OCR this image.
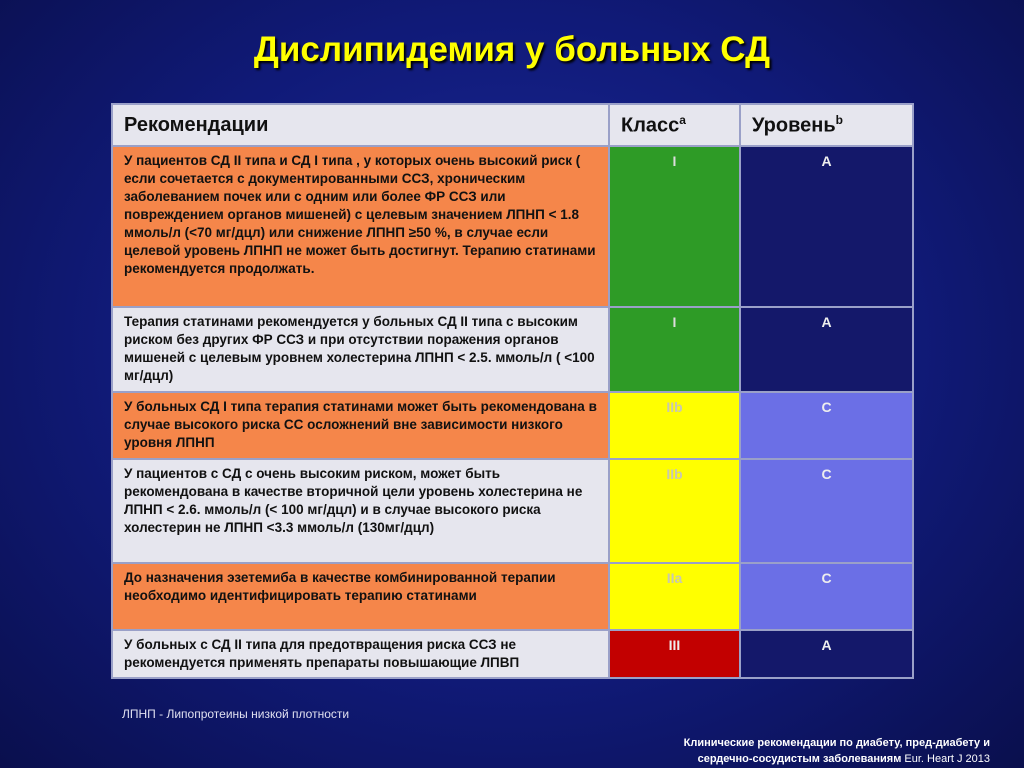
Дислипидемия у больных СД
Рекомендации	Класс$^a$	Уровень$^b$
У пациентов СД II типа и СД I типа , у которых очень высокий риск ( если сочетается с документированными ССЗ, хроническим заболеванием почек или с одним или более ФР ССЗ или повреждением органов мишеней) с целевым значением ЛПНП < 1.8 ммоль/л (<70 мг/дцл) или снижение ЛПНП ≥50 %, в случае если целевой уровень ЛПНП не может быть достигнут. Терапию статинами рекомендуется продолжать.	I	A
Терапия статинами рекомендуется у больных СД II типа с высоким риском без других ФР ССЗ и при отсутствии поражения органов мишеней с целевым уровнем холестерина ЛПНП < 2.5. ммоль/л ( <100 мг/дцл)	I	A
У больных СД I типа терапия статинами может быть рекомендована в случае высокого риска СС осложнений вне зависимости низкого уровня ЛПНП	IIb	C
У пациентов с СД с очень высоким риском, может быть рекомендована в качестве вторичной цели уровень холестерина не ЛПНП < 2.6. ммоль/л (< 100 мг/дцл) и в случае высокого риска холестерин не ЛПНП <3.3 ммоль/л (130мг/дцл)	IIb	C
До назначения эзетемиба в качестве комбинированной терапии необходимо идентифицировать терапию статинами	IIa	C
У больных с СД II типа для предотвращения риска ССЗ не рекомендуется применять препараты повышающие ЛПВП	III	A
ЛПНП - Липопротеины низкой плотности
Клинические рекомендации по диабету, пред-диабету и
сердечно-сосудистым заболеваниям Eur. Heart J 2013
